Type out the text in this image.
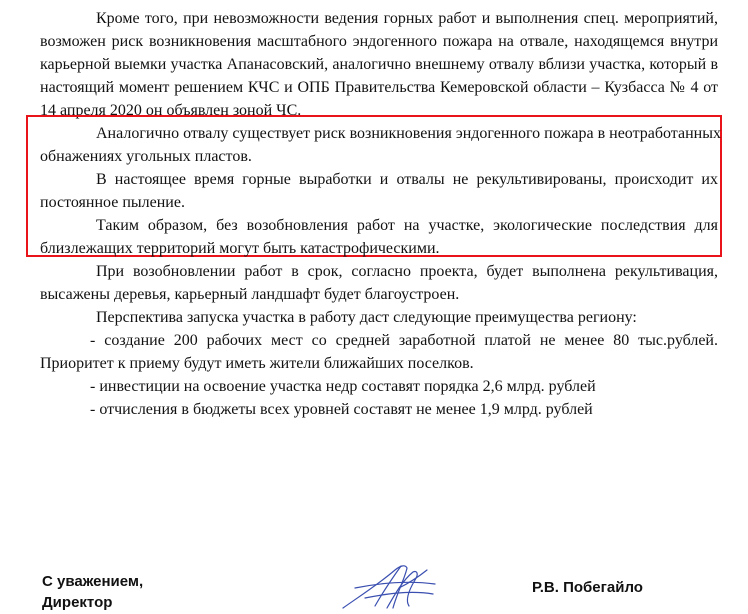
Кроме того, при невозможности ведения горных работ и выполнения спец. мероприятий,
возможен риск возникновения масштабного эндогенного пожара на отвале, находящемся внутри
карьерной выемки участка Апанасовский, аналогично внешнему отвалу вблизи участка, который в
настоящий момент решением КЧС и ОПБ Правительства Кемеровской области – Кузбасса № 4 от
14 апреля 2020 он объявлен зоной ЧС.
Аналогично отвалу существует риск возникновения эндогенного пожара в неотработанных
обнажениях угольных пластов.
В настоящее время горные выработки и отвалы не рекультивированы, происходит их
постоянное пыление.
Таким образом, без возобновления работ на участке, экологические последствия для
близлежащих территорий могут быть катастрофическими.
При возобновлении работ в срок, согласно проекта, будет выполнена рекультивация,
высажены деревья, карьерный ландшафт будет благоустроен.
Перспектива запуска участка в работу даст следующие преимущества региону:
- создание 200 рабочих мест со средней заработной платой не менее 80 тыс.рублей.
Приоритет к приему будут иметь жители ближайших поселков.
- инвестиции на освоение участка недр составят порядка 2,6 млрд. рублей
- отчисления в бюджеты всех уровней составят не менее 1,9 млрд. рублей
С уважением,
Директор
Р.В. Побегайло
